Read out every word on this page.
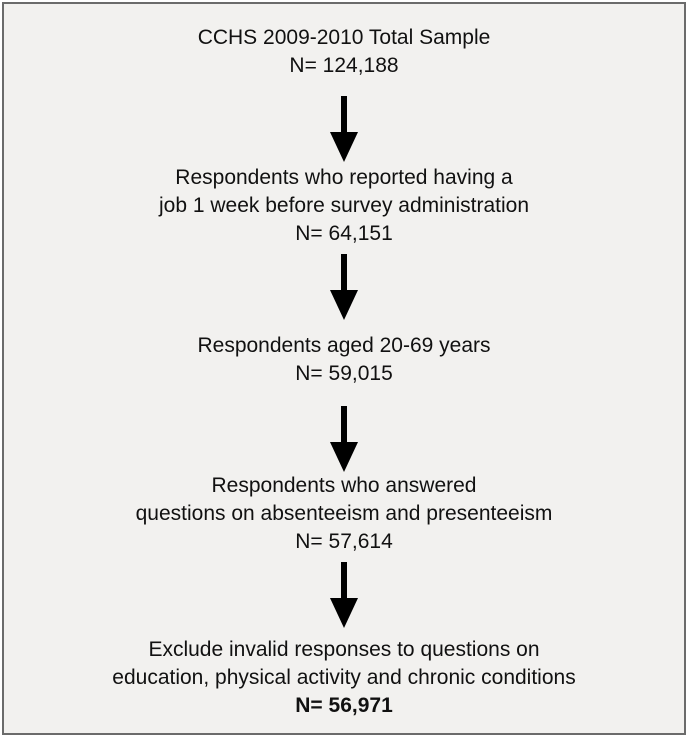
CCHS 2009-2010 Total Sample
N= 124,188
Respondents who reported having a
job 1 week before survey administration
N= 64,151
Respondents aged 20-69 years
N= 59,015
Respondents who answered
questions on absenteeism and presenteeism
N= 57,614
Exclude invalid responses to questions on
education, physical activity and chronic conditions
N= 56,971
